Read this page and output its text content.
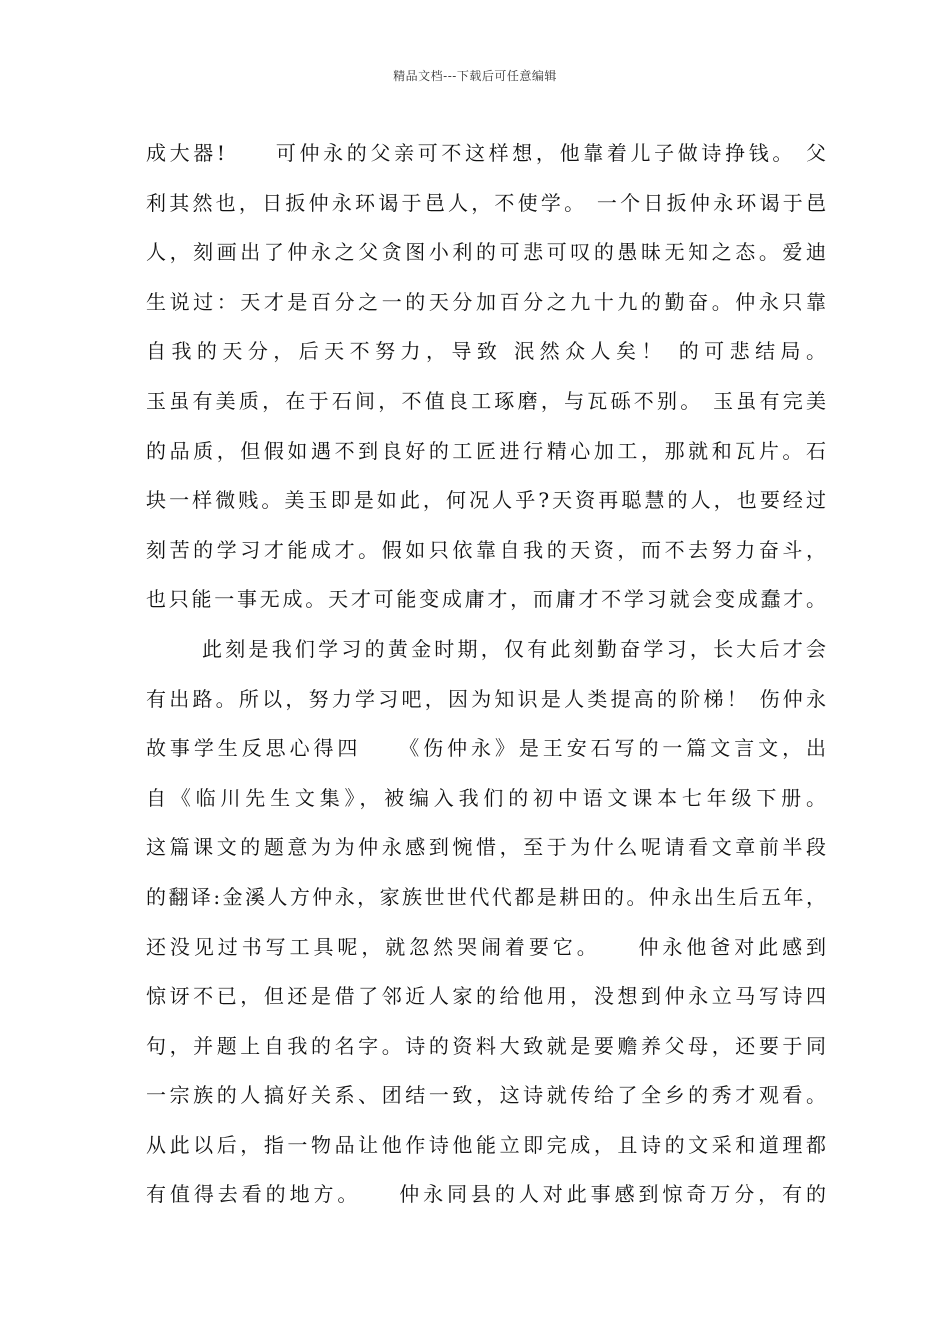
精品文档---下载后可任意编辑
成大器!　　可仲永的父亲可不这样想，他靠着儿子做诗挣钱。 父
利其然也，日扳仲永环谒于邑人，不使学。 一个日扳仲永环谒于邑
人，刻画出了仲永之父贪图小利的可悲可叹的愚昧无知之态。爱迪
生说过：天才是百分之一的天分加百分之九十九的勤奋。仲永只靠
自我的天分，后天不努力，导致 泯然众人矣！ 的可悲结局。
玉虽有美质，在于石间，不值良工琢磨，与瓦砾不别。 玉虽有完美
的品质，但假如遇不到良好的工匠进行精心加工，那就和瓦片。石
块一样微贱。美玉即是如此，何况人乎?天资再聪慧的人，也要经过
刻苦的学习才能成才。假如只依靠自我的天资，而不去努力奋斗，
也只能一事无成。天才可能变成庸才，而庸才不学习就会变成蠢才。
此刻是我们学习的黄金时期，仅有此刻勤奋学习，长大后才会
有出路。所以，努力学习吧，因为知识是人类提高的阶梯！ 伤仲永
故事学生反思心得四　　《伤仲永》是王安石写的一篇文言文，出
自《临川先生文集》，被编入我们的初中语文课本七年级下册。
这篇课文的题意为为仲永感到惋惜，至于为什么呢请看文章前半段
的翻译:金溪人方仲永，家族世世代代都是耕田的。仲永出生后五年，
还没见过书写工具呢，就忽然哭闹着要它。　　仲永他爸对此感到
惊讶不已，但还是借了邻近人家的给他用，没想到仲永立马写诗四
句，并题上自我的名字。诗的资料大致就是要赡养父母，还要于同
一宗族的人搞好关系、团结一致，这诗就传给了全乡的秀才观看。
从此以后，指一物品让他作诗他能立即完成，且诗的文采和道理都
有值得去看的地方。　　仲永同县的人对此事感到惊奇万分，有的
